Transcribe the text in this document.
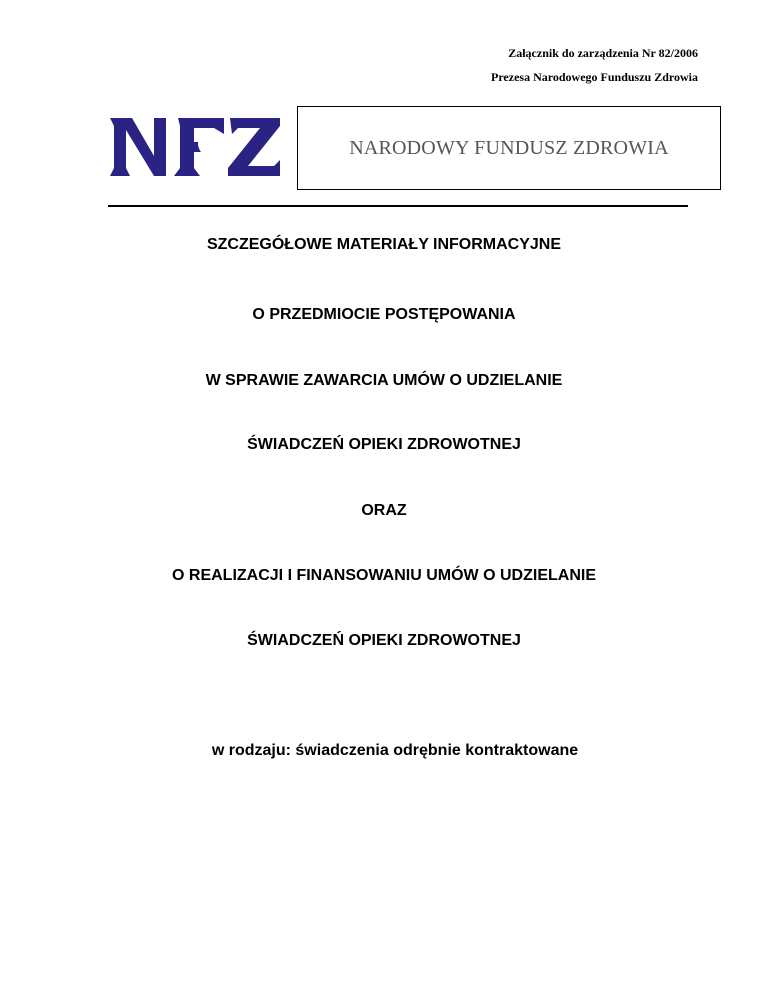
Załącznik do zarządzenia Nr 82/2006
Prezesa Narodowego Funduszu Zdrowia
NARODOWY FUNDUSZ ZDROWIA
SZCZEGÓŁOWE MATERIAŁY INFORMACYJNE
O PRZEDMIOCIE POSTĘPOWANIA
W SPRAWIE ZAWARCIA UMÓW O UDZIELANIE
ŚWIADCZEŃ OPIEKI ZDROWOTNEJ
ORAZ
O REALIZACJI I FINANSOWANIU UMÓW O UDZIELANIE
ŚWIADCZEŃ OPIEKI ZDROWOTNEJ
w rodzaju: świadczenia odrębnie kontraktowane
